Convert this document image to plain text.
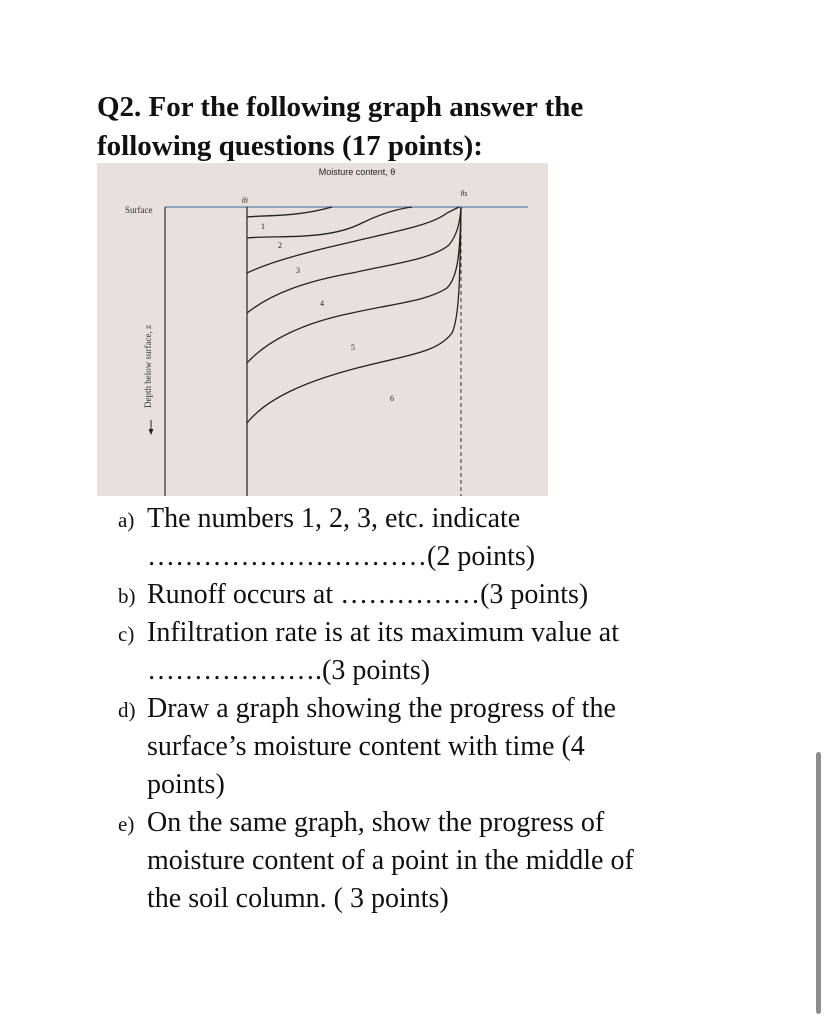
Q2. For the following graph answer the
following questions (17 points):
Moisture content, θ
Surface
θi
θs
Depth below surface, z
1
2
3
4
5
6
a) The numbers 1, 2, 3, etc. indicate
…………………………(2 points)
b) Runoff occurs at ……………(3 points)
c) Infiltration rate is at its maximum value at
……………….(3 points)
d) Draw a graph showing the progress of the
surface’s moisture content with time (4
points)
e) On the same graph, show the progress of
moisture content of a point in the middle of
the soil column. ( 3 points)
